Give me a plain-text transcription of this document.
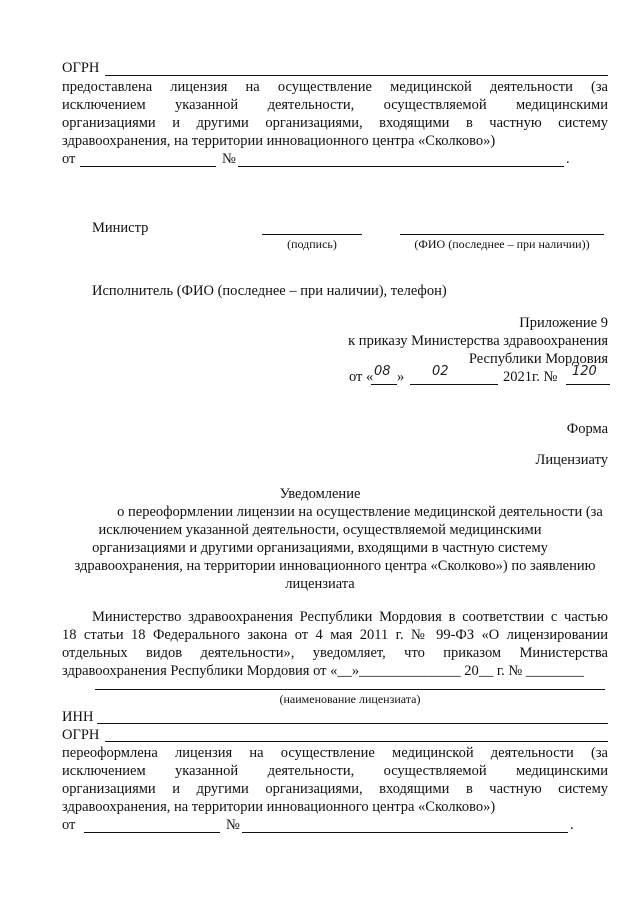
ОГРН
предоставлена лицензия на осуществление медицинской деятельности (за
исключением указанной деятельности, осуществляемой медицинскими
организациями и другими организациями, входящими в частную систему
здравоохранения, на территории инновационного центра «Сколково»)
от	№	.
Министр
(подпись)	(ФИО (последнее – при наличии))
Исполнитель (ФИО (последнее – при наличии), телефон)
Приложение 9
к приказу Министерства здравоохранения
Республики Мордовия
от « 08 » 02	2021г. № 120
Форма
Лицензиату
Уведомление
о переоформлении лицензии на осуществление медицинской деятельности (за
исключением указанной деятельности, осуществляемой медицинскими
организациями и другими организациями, входящими в частную систему
здравоохранения, на территории инновационного центра «Сколково») по заявлению
лицензиата
Министерство здравоохранения Республики Мордовия в соответствии с частью
18 статьи 18 Федерального закона от 4 мая 2011 г. № 99-ФЗ «О лицензировании
отдельных видов деятельности», уведомляет, что приказом Министерства
здравоохранения Республики Мордовия от «__»______________ 20__ г. № ________
(наименование лицензиата)
ИНН
ОГРН
переоформлена лицензия на осуществление медицинской деятельности (за
исключением указанной деятельности, осуществляемой медицинскими
организациями и другими организациями, входящими в частную систему
здравоохранения, на территории инновационного центра «Сколково»)
от	№	.
